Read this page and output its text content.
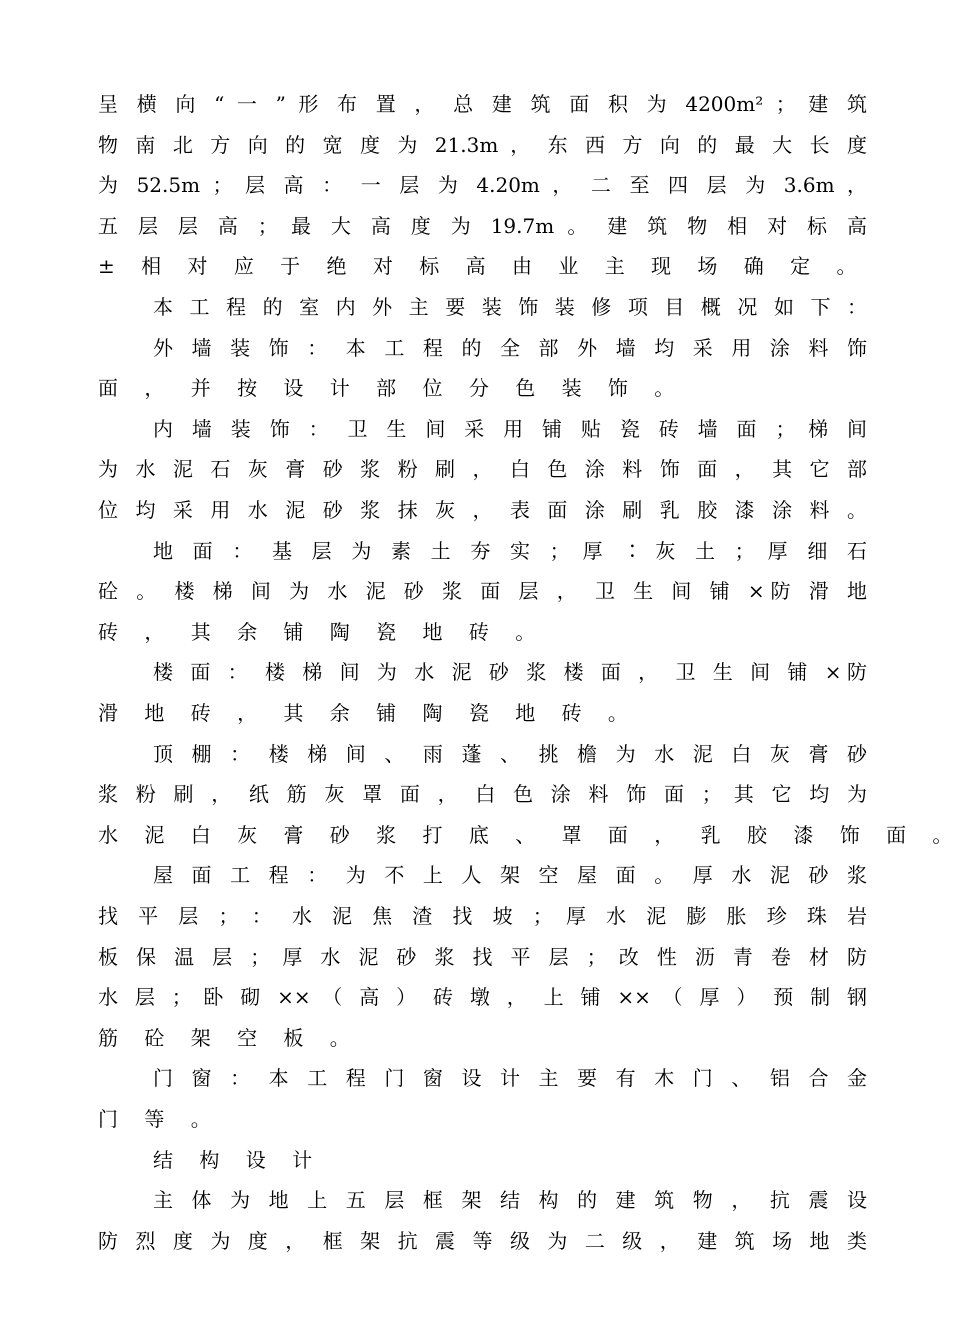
呈 横 向 “ 一 ” 形 布 置 ， 总 建 筑 面 积 为 4200m² ； 建 筑
物 南 北 方 向 的 宽 度 为 21.3m ， 东 西 方 向 的 最 大 长 度
为 52.5m ； 层 高 ： 一 层 为 4.20m ， 二 至 四 层 为 3.6m ，
五 层 层 高 ； 最 大 高 度 为 19.7m 。 建 筑 物 相 对 标 高
± 相 对 应 于 绝 对 标 高 由 业 主 现 场 确 定 。
本 工 程 的 室 内 外 主 要 装 饰 装 修 项 目 概 况 如 下 ：
外 墙 装 饰 ： 本 工 程 的 全 部 外 墙 均 采 用 涂 料 饰
面 ， 并 按 设 计 部 位 分 色 装 饰 。
内 墙 装 饰 ： 卫 生 间 采 用 铺 贴 瓷 砖 墙 面 ； 梯 间
为 水 泥 石 灰 膏 砂 浆 粉 刷 ， 白 色 涂 料 饰 面 ， 其 它 部
位 均 采 用 水 泥 砂 浆 抹 灰 ， 表 面 涂 刷 乳 胶 漆 涂 料 。
地 面 ： 基 层 为 素 土 夯 实 ； 厚 ∶ 灰 土 ； 厚 细 石
砼 。 楼 梯 间 为 水 泥 砂 浆 面 层 ， 卫 生 间 铺 ×防 滑 地
砖 ， 其 余 铺 陶 瓷 地 砖 。
楼 面 ： 楼 梯 间 为 水 泥 砂 浆 楼 面 ， 卫 生 间 铺 ×防
滑 地 砖 ， 其 余 铺 陶 瓷 地 砖 。
顶 棚 ： 楼 梯 间 、 雨 蓬 、 挑 檐 为 水 泥 白 灰 膏 砂
浆 粉 刷 ， 纸 筋 灰 罩 面 ， 白 色 涂 料 饰 面 ； 其 它 均 为
水 泥 白 灰 膏 砂 浆 打 底 、 罩 面 ， 乳 胶 漆 饰 面 。
屋 面 工 程 ： 为 不 上 人 架 空 屋 面 。 厚 水 泥 砂 浆
找 平 层 ； ： 水 泥 焦 渣 找 坡 ； 厚 水 泥 膨 胀 珍 珠 岩
板 保 温 层 ； 厚 水 泥 砂 浆 找 平 层 ； 改 性 沥 青 卷 材 防
水 层 ； 卧 砌 ×× （ 高 ） 砖 墩 ， 上 铺 ×× （ 厚 ） 预 制 钢
筋 砼 架 空 板 。
门 窗 ： 本 工 程 门 窗 设 计 主 要 有 木 门 、 铝 合 金
门 等 。
结 构 设 计
主 体 为 地 上 五 层 框 架 结 构 的 建 筑 物 ， 抗 震 设
防 烈 度 为 度 ， 框 架 抗 震 等 级 为 二 级 ， 建 筑 场 地 类
